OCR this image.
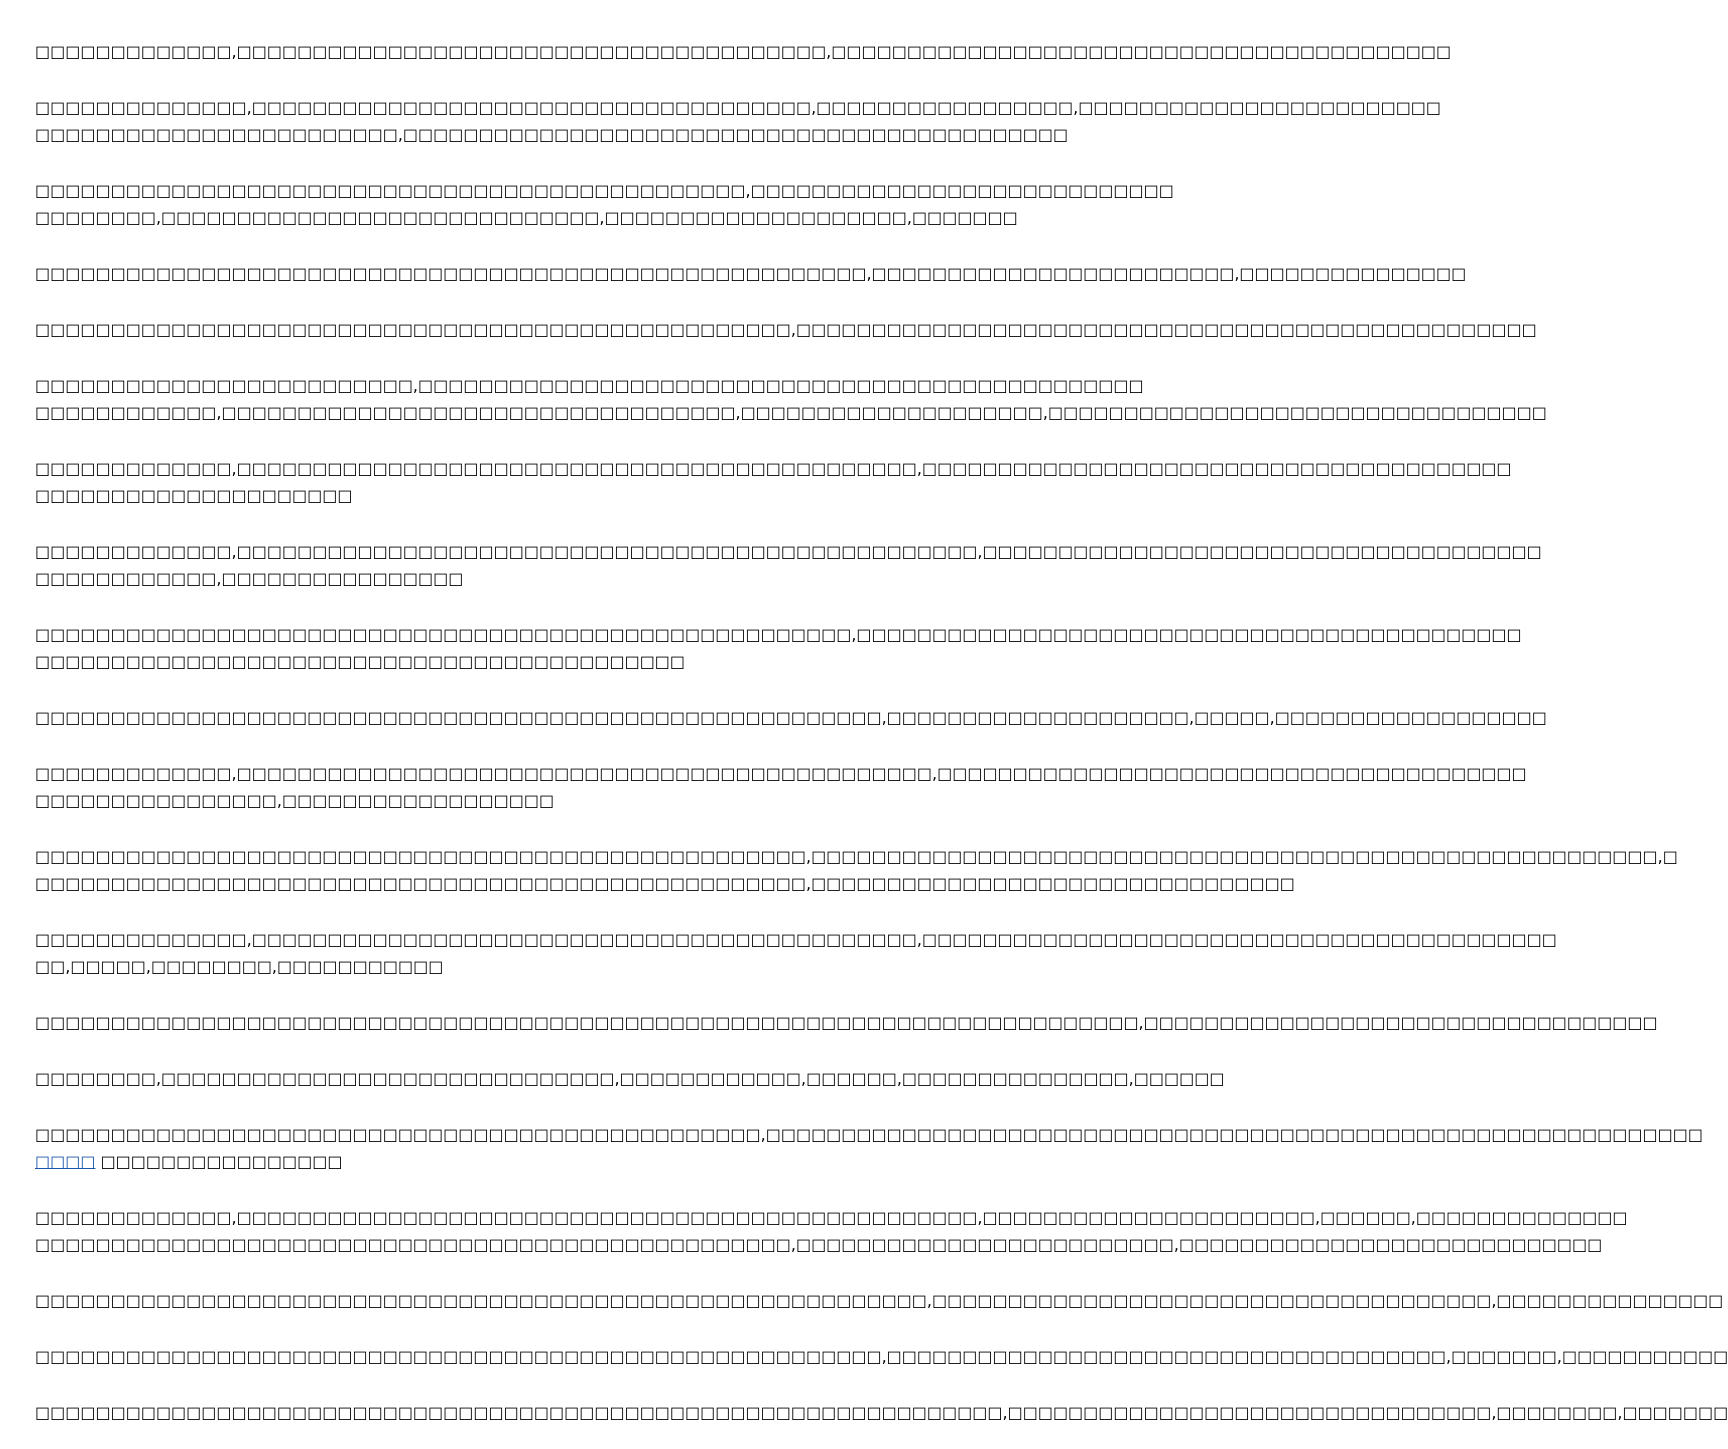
□□□□□□□□□□□□□,□□□□□□□□□□□□□□□□□□□□□□□□□□□□□□□□□□□□□□□,□□□□□□□□□□□□□□□□□□□□□□□□□□□□□□□□□□□□□□□□□

□□□□□□□□□□□□□□,□□□□□□□□□□□□□□□□□□□□□□□□□□□□□□□□□□□□□,□□□□□□□□□□□□□□□□□,□□□□□□□□□□□□□□□□□□□□□□□□
□□□□□□□□□□□□□□□□□□□□□□□□,□□□□□□□□□□□□□□□□□□□□□□□□□□□□□□□□□□□□□□□□□□□□

□□□□□□□□□□□□□□□□□□□□□□□□□□□□□□□□□□□□□□□□□□□□□□□,□□□□□□□□□□□□□□□□□□□□□□□□□□□□
□□□□□□□□,□□□□□□□□□□□□□□□□□□□□□□□□□□□□□,□□□□□□□□□□□□□□□□□□□□,□□□□□□□

□□□□□□□□□□□□□□□□□□□□□□□□□□□□□□□□□□□□□□□□□□□□□□□□□□□□□□□,□□□□□□□□□□□□□□□□□□□□□□□□,□□□□□□□□□□□□□□□

□□□□□□□□□□□□□□□□□□□□□□□□□□□□□□□□□□□□□□□□□□□□□□□□□□,□□□□□□□□□□□□□□□□□□□□□□□□□□□□□□□□□□□□□□□□□□□□□□□□□

□□□□□□□□□□□□□□□□□□□□□□□□□,□□□□□□□□□□□□□□□□□□□□□□□□□□□□□□□□□□□□□□□□□□□□□□□□
□□□□□□□□□□□□,□□□□□□□□□□□□□□□□□□□□□□□□□□□□□□□□□□,□□□□□□□□□□□□□□□□□□□□,□□□□□□□□□□□□□□□□□□□□□□□□□□□□□□□□□

□□□□□□□□□□□□□,□□□□□□□□□□□□□□□□□□□□□□□□□□□□□□□□□□□□□□□□□□□□□,□□□□□□□□□□□□□□□□□□□□□□□□□□□□□□□□□□□□□□□
□□□□□□□□□□□□□□□□□□□□□

□□□□□□□□□□□□□,□□□□□□□□□□□□□□□□□□□□□□□□□□□□□□□□□□□□□□□□□□□□□□□□□,□□□□□□□□□□□□□□□□□□□□□□□□□□□□□□□□□□□□□
□□□□□□□□□□□□,□□□□□□□□□□□□□□□□

□□□□□□□□□□□□□□□□□□□□□□□□□□□□□□□□□□□□□□□□□□□□□□□□□□□□□□,□□□□□□□□□□□□□□□□□□□□□□□□□□□□□□□□□□□□□□□□□□□□
□□□□□□□□□□□□□□□□□□□□□□□□□□□□□□□□□□□□□□□□□□□

□□□□□□□□□□□□□□□□□□□□□□□□□□□□□□□□□□□□□□□□□□□□□□□□□□□□□□□□,□□□□□□□□□□□□□□□□□□□□,□□□□□,□□□□□□□□□□□□□□□□□□

□□□□□□□□□□□□□,□□□□□□□□□□□□□□□□□□□□□□□□□□□□□□□□□□□□□□□□□□□□□□,□□□□□□□□□□□□□□□□□□□□□□□□□□□□□□□□□□□□□□□
□□□□□□□□□□□□□□□□,□□□□□□□□□□□□□□□□□□

□□□□□□□□□□□□□□□□□□□□□□□□□□□□□□□□□□□□□□□□□□□□□□□□□□□,□□□□□□□□□□□□□□□□□□□□□□□□□□□□□□□□□□□□□□□□□□□□□□□□□□□□□□□□,□
□□□□□□□□□□□□□□□□□□□□□□□□□□□□□□□□□□□□□□□□□□□□□□□□□□□,□□□□□□□□□□□□□□□□□□□□□□□□□□□□□□□□

□□□□□□□□□□□□□□,□□□□□□□□□□□□□□□□□□□□□□□□□□□□□□□□□□□□□□□□□□□□,□□□□□□□□□□□□□□□□□□□□□□□□□□□□□□□□□□□□□□□□□□
□□,□□□□□,□□□□□□□□,□□□□□□□□□□□

□□□□□□□□□□□□□□□□□□□□□□□□□□□□□□□□□□□□□□□□□□□□□□□□□□□□□□□□□□□□□□□□□□□□□□□□□,□□□□□□□□□□□□□□□□□□□□□□□□□□□□□□□□□□

□□□□□□□□,□□□□□□□□□□□□□□□□□□□□□□□□□□□□□□,□□□□□□□□□□□□,□□□□□□,□□□□□□□□□□□□□□□,□□□□□□

□□□□□□□□□□□□□□□□□□□□□□□□□□□□□□□□□□□□□□□□□□□□□□□□,□□□□□□□□□□□□□□□□□□□□□□□□□□□□□□□□□□□□□□□□□□□□□□□□□□□□□□□□□□□□□□
□□□□ □□□□□□□□□□□□□□□□

□□□□□□□□□□□□□,□□□□□□□□□□□□□□□□□□□□□□□□□□□□□□□□□□□□□□□□□□□□□□□□□,□□□□□□□□□□□□□□□□□□□□□□,□□□□□□,□□□□□□□□□□□□□□
□□□□□□□□□□□□□□□□□□□□□□□□□□□□□□□□□□□□□□□□□□□□□□□□□□,□□□□□□□□□□□□□□□□□□□□□□□□□,□□□□□□□□□□□□□□□□□□□□□□□□□□□□

□□□□□□□□□□□□□□□□□□□□□□□□□□□□□□□□□□□□□□□□□□□□□□□□□□□□□□□□□□□,□□□□□□□□□□□□□□□□□□□□□□□□□□□□□□□□□□□□□,□□□□□□□□□□□□□□□

□□□□□□□□□□□□□□□□□□□□□□□□□□□□□□□□□□□□□□□□□□□□□□□□□□□□□□□□,□□□□□□□□□□□□□□□□□□□□□□□□□□□□□□□□□□□□□,□□□□□□□,□□□□□□□□□□□

□□□□□□□□□□□□□□□□□□□□□□□□□□□□□□□□□□□□□□□□□□□□□□□□□□□□□□□□□□□□□□□□,□□□□□□□□□□□□□□□□□□□□□□□□□□□□□□□□,□□□□□□□□,□□□□□□□
